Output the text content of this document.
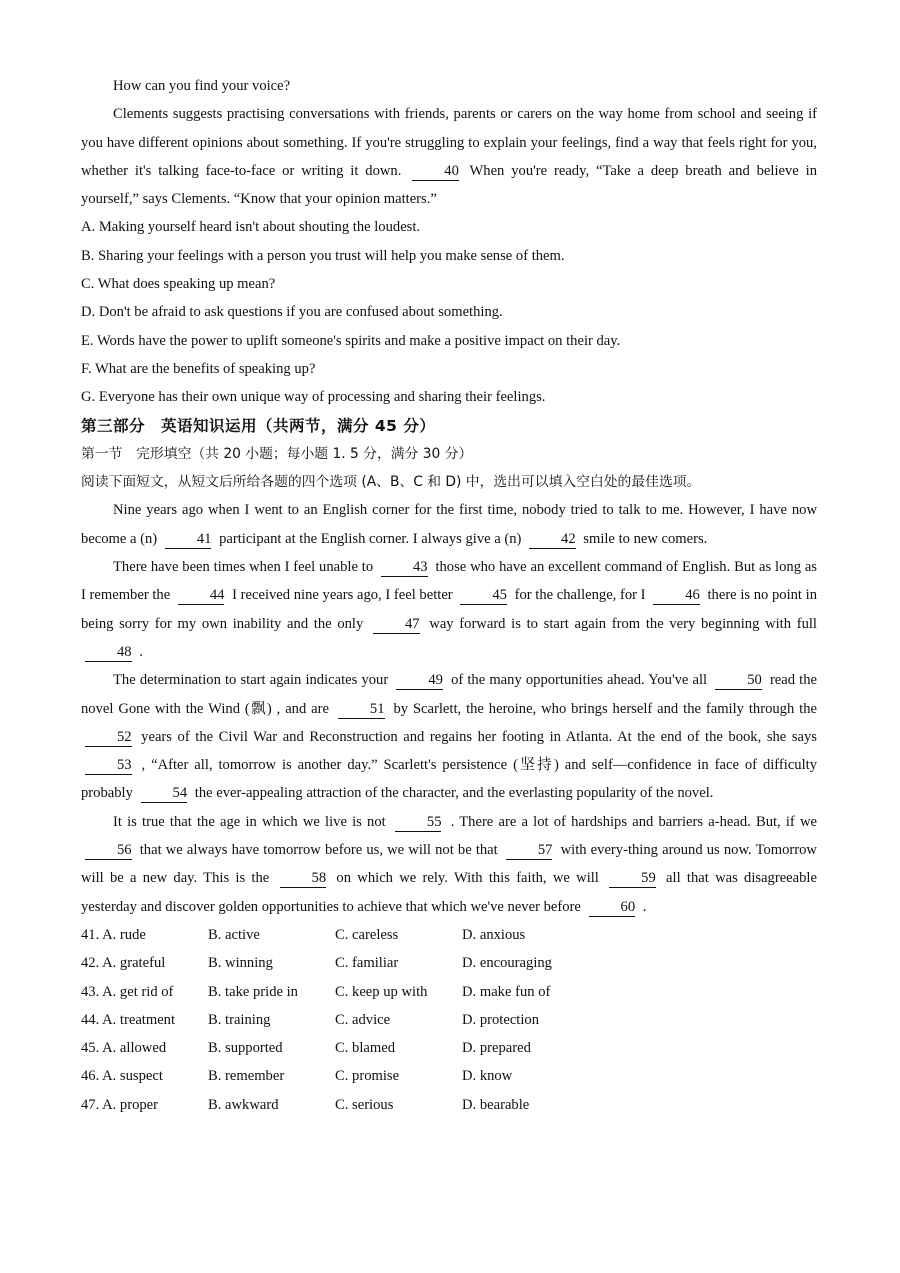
How can you find your voice?

Clements suggests practising conversations with friends, parents or carers on the way home from school and seeing if you have different opinions about something. If you're struggling to explain your feelings, find a way that feels right for you, whether it's talking face-to-face or writing it down.	40 When you're ready, “Take a deep breath and believe in yourself,” says Clements. “Know that your opinion matters.”

A. Making yourself heard isn't about shouting the loudest.

B. Sharing your feelings with a person you trust will help you make sense of them.

C. What does speaking up mean?

D. Don't be afraid to ask questions if you are confused about something.

E. Words have the power to uplift someone's spirits and make a positive impact on their day.

F. What are the benefits of speaking up?

G. Everyone has their own unique way of processing and sharing their feelings.

第三部分　英语知识运用（共两节，满分 45 分）

第一节　完形填空（共 20 小题；每小题 1. 5 分，满分 30 分）

阅读下面短文，从短文后所给各题的四个选项 (A、B、C 和 D) 中，选出可以填入空白处的最佳选项。

Nine years ago when I went to an English corner for the first time, nobody tried to talk to me. However, I have now become a (n)	41 participant at the English corner. I always give a (n)	42 smile to new comers.

There have been times when I feel unable to	43 those who have an excellent command of English. But as long as I remember the	44 I received nine years ago, I feel better	45 for the challenge, for I	46 there is no point in being sorry for my own inability and the only	47 way forward is to start again from the very beginning with full 48 .

The determination to start again indicates your	49 of the many opportunities ahead. You've all	50 read the novel Gone with the Wind (飘) , and are	51 by Scarlett, the heroine, who brings herself and the family through the 52 years of the Civil War and Reconstruction and regains her footing in Atlanta. At the end of the book, she says 53 , “After all, tomorrow is another day.” Scarlett's persistence (坚持) and self—confidence in face of difficulty probably	54 the ever-appealing attraction of the character, and the everlasting popularity of the novel.

It is true that the age in which we live is not	55 . There are a lot of hardships and barriers a-head. But, if we 56 that we always have tomorrow before us, we will not be that	57 with every-thing around us now. Tomorrow will be a new day. This is the	58 on which we rely. With this faith, we will	59 all that was disagreeable yesterday and discover golden opportunities to achieve that which we've never before	60 .

41. A. rude	B. active	C. careless	D. anxious
42. A. grateful	B. winning	C. familiar	D. encouraging
43. A. get rid of	B. take pride in	C. keep up with	D. make fun of
44. A. treatment	B. training	C. advice	D. protection
45. A. allowed	B. supported	C. blamed	D. prepared
46. A. suspect	B. remember	C. promise	D. know
47. A. proper	B. awkward	C. serious	D. bearable
